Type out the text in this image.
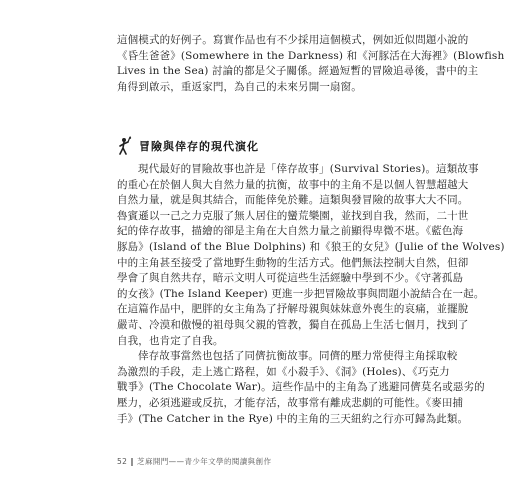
這個模式的好例子。寫實作品也有不少採用這個模式，例如近似問題小說的
《昏生爸爸》(Somewhere in the Darkness) 和《河豚活在大海裡》(Blowfish
Lives in the Sea) 討論的都是父子關係。經過短暫的冒險追尋後，書中的主
角得到啟示，重返家門，為自己的未來另開一扇窗。

冒險與倖存的現代演化
現代最好的冒險故事也許是「倖存故事」(Survival Stories)。這類故事
的重心在於個人與大自然力量的抗衡，故事中的主角不是以個人智慧超越大
自然力量，就是與其結合，而能倖免於難。這類與發冒險的故事大大不同。
魯賓遜以一己之力克服了無人居住的蠻荒樂園，並找到自我，然而，二十世
紀的倖存故事，描繪的卻是主角在大自然力量之前顯得卑微不堪。《藍色海
豚島》(Island of the Blue Dolphins) 和《狼王的女兒》(Julie of the Wolves)
中的主角甚至接受了當地野生動物的生活方式。他們無法控制大自然，但卻
學會了與自然共存，暗示文明人可從這些生活經驗中學到不少。《守著孤島
的女孩》(The Island Keeper) 更進一步把冒險故事與問題小說結合在一起。
在這篇作品中，肥胖的女主角為了抒解母親與妹妹意外喪生的哀痛，並擺脫
嚴苛、冷漠和傲慢的祖母與父親的管教，獨自在孤島上生活七個月，找到了
自我，也肯定了自我。
倖存故事當然也包括了同儕抗衡故事。同儕的壓力常使得主角採取較
為激烈的手段，走上逃亡路程，如《小殺手》、《洞》(Holes)、《巧克力
戰爭》(The Chocolate War)。這些作品中的主角為了逃避同儕莫名或惡劣的
壓力，必須逃避或反抗，才能存活，故事常有離成悲劇的可能性。《麥田捕
手》(The Catcher in the Rye) 中的主角的三天紐約之行亦可歸為此類。
52 ‖ 芝麻開門——青少年文學的閱讀與創作
